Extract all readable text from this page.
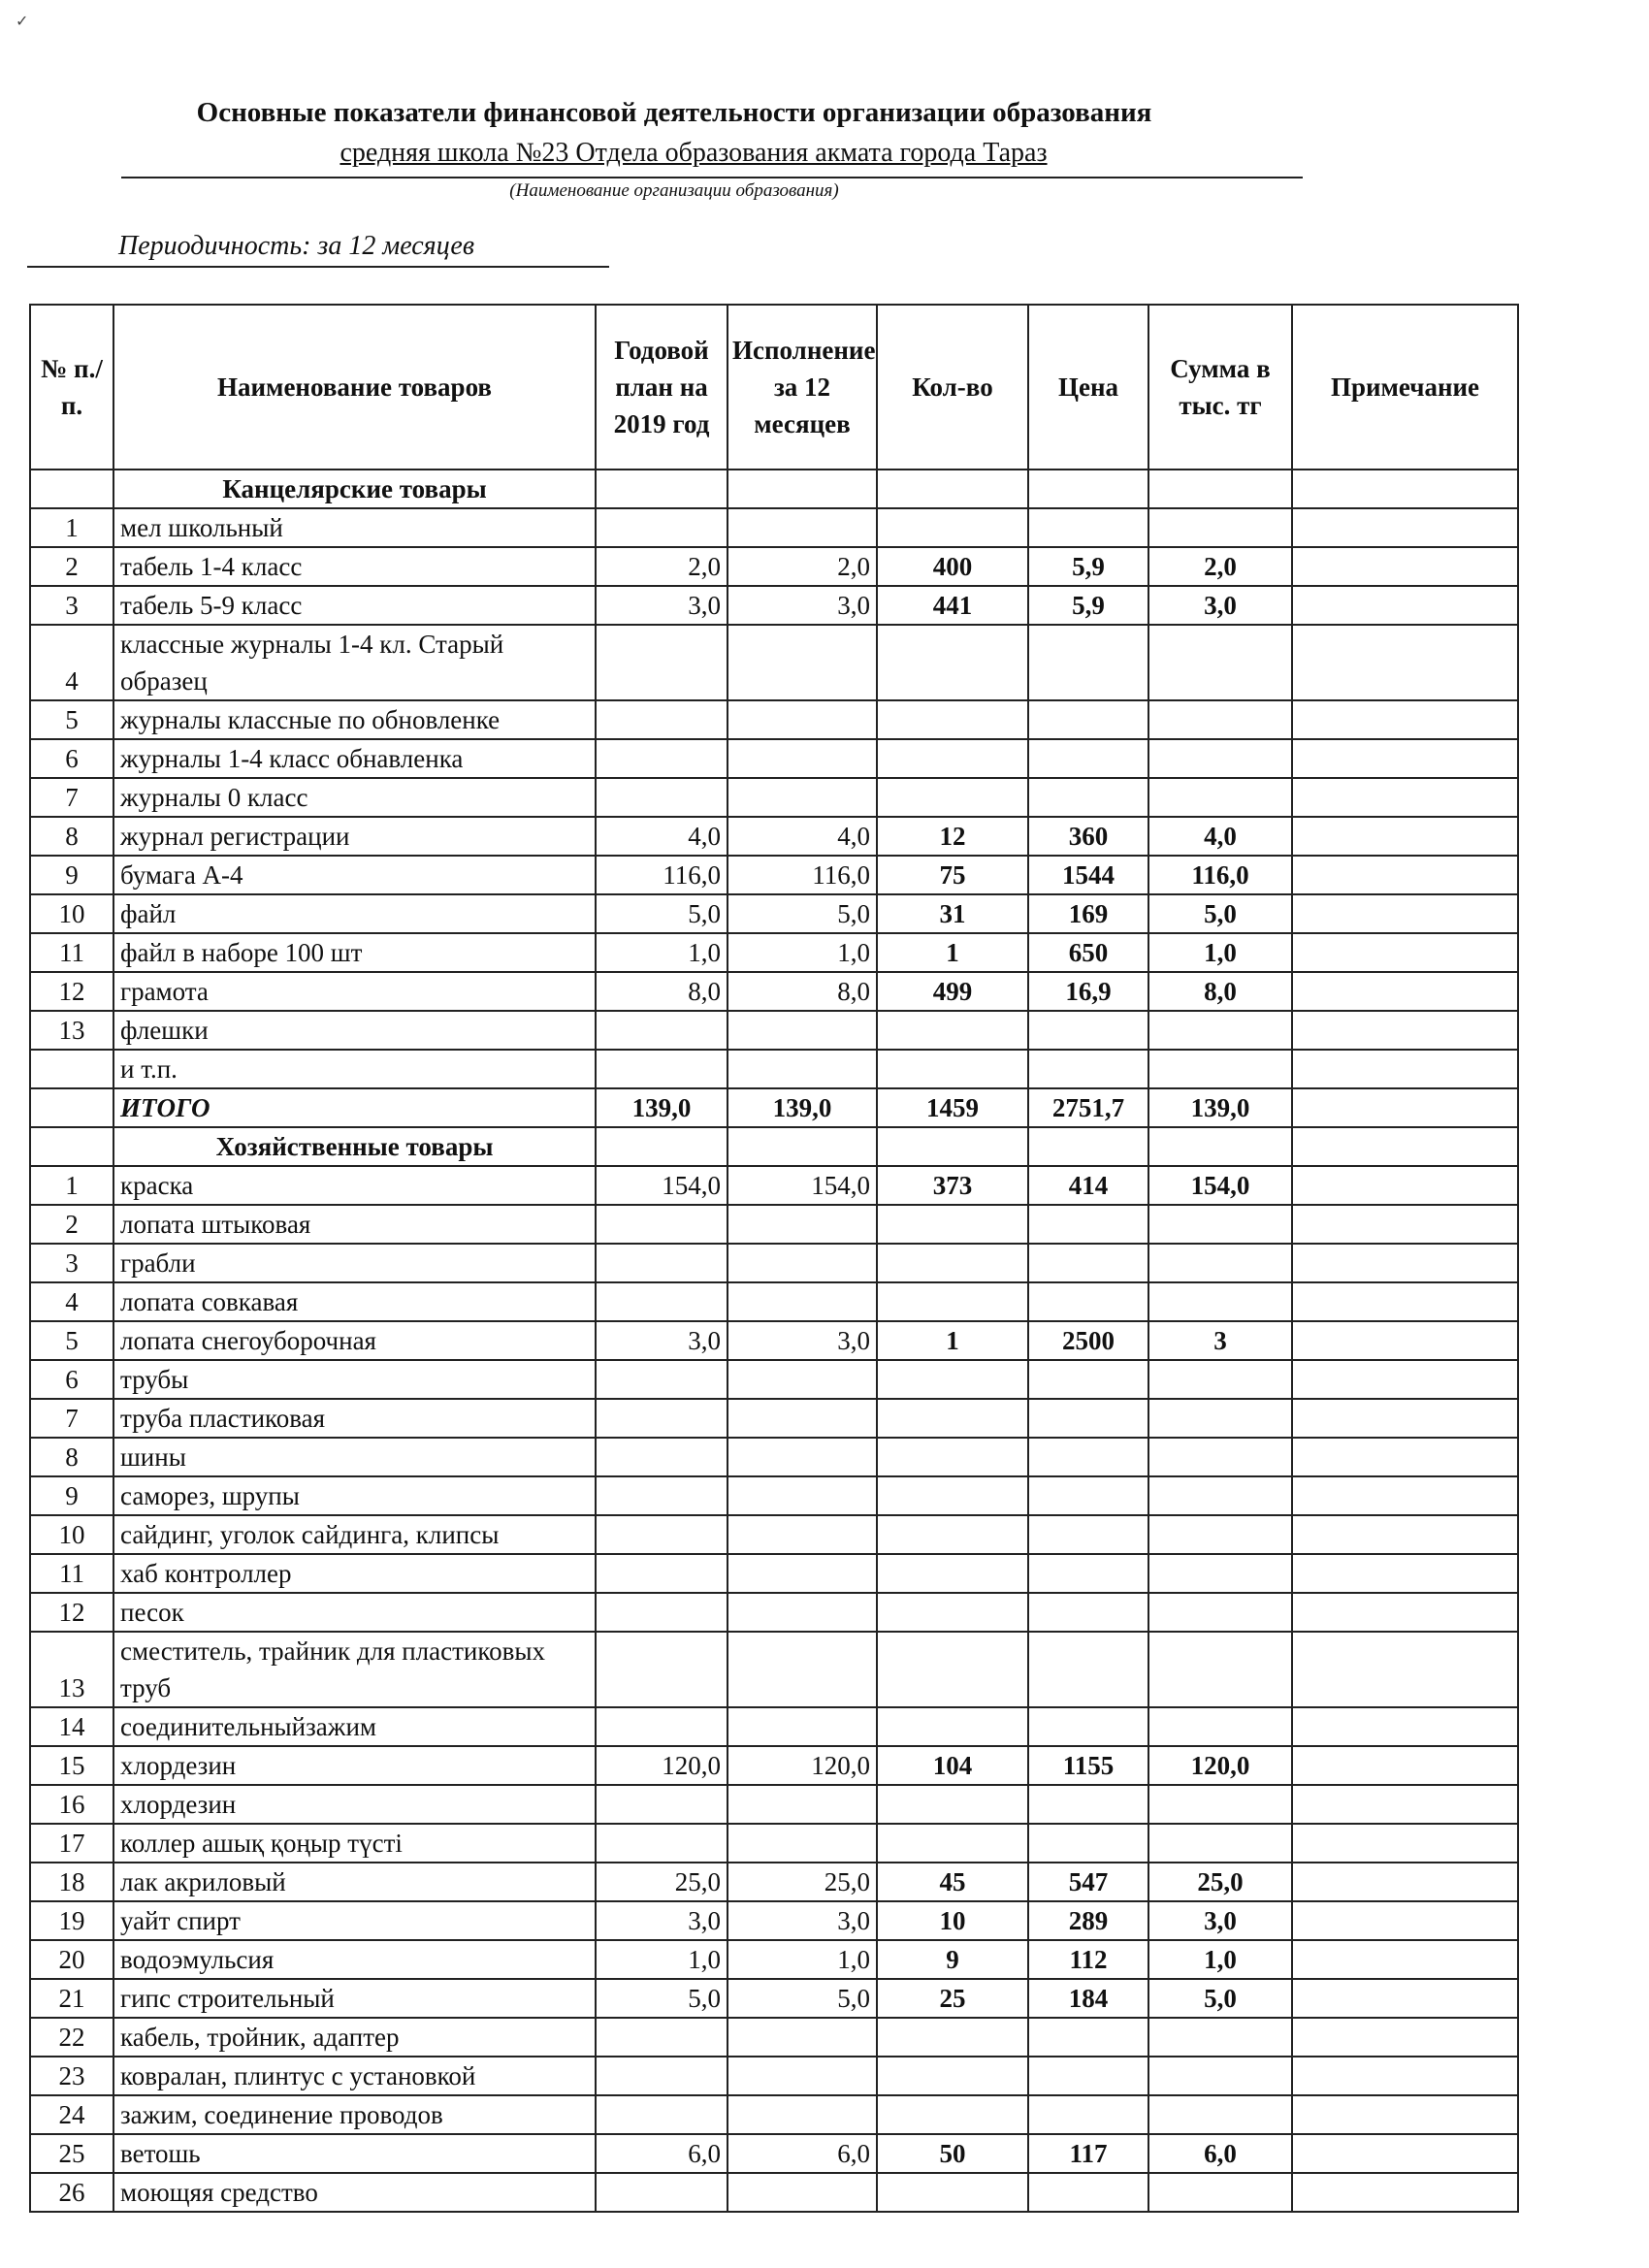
✓
Основные показатели финансовой деятельности организации образования
средняя школа №23 Отдела образования акмата города Тараз
(Наименование организации образования)
Периодичность: за 12 месяцев
№ п./п.	Наименование товаров	Годовой план на 2019 год	Исполнение за 12 месяцев	Кол-во	Цена	Сумма в тыс. тг	Примечание
	Канцелярские товары						
1	мел школьный						
2	табель 1-4 класс	2,0	2,0	400	5,9	2,0	
3	табель 5-9 класс	3,0	3,0	441	5,9	3,0	
4	классные журналы 1-4 кл. Старый образец						
5	журналы классные по обновленке						
6	журналы 1-4 класс обнавленка						
7	журналы 0 класс						
8	журнал регистрации	4,0	4,0	12	360	4,0	
9	бумага А-4	116,0	116,0	75	1544	116,0	
10	файл	5,0	5,0	31	169	5,0	
11	файл в наборе 100 шт	1,0	1,0	1	650	1,0	
12	грамота	8,0	8,0	499	16,9	8,0	
13	флешки						
	и т.п.						
	ИТОГО	139,0	139,0	1459	2751,7	139,0	
	Хозяйственные товары						
1	краска	154,0	154,0	373	414	154,0	
2	лопата штыковая						
3	грабли						
4	лопата совкавая						
5	лопата снегоуборочная	3,0	3,0	1	2500	3	
6	трубы						
7	труба пластиковая						
8	шины						
9	саморез, шрупы						
10	сайдинг, уголок сайдинга, клипсы						
11	хаб контроллер						
12	песок						
13	сместитель, трайник для пластиковых труб						
14	соединительныйзажим						
15	хлордезин	120,0	120,0	104	1155	120,0	
16	хлордезин						
17	коллер ашық қоңыр түсті						
18	лак акриловый	25,0	25,0	45	547	25,0	
19	уайт спирт	3,0	3,0	10	289	3,0	
20	водоэмульсия	1,0	1,0	9	112	1,0	
21	гипс строительный	5,0	5,0	25	184	5,0	
22	кабель, тройник, адаптер						
23	ковралан, плинтус с установкой						
24	зажим, соединение проводов						
25	ветошь	6,0	6,0	50	117	6,0	
26	моющяя средство						
